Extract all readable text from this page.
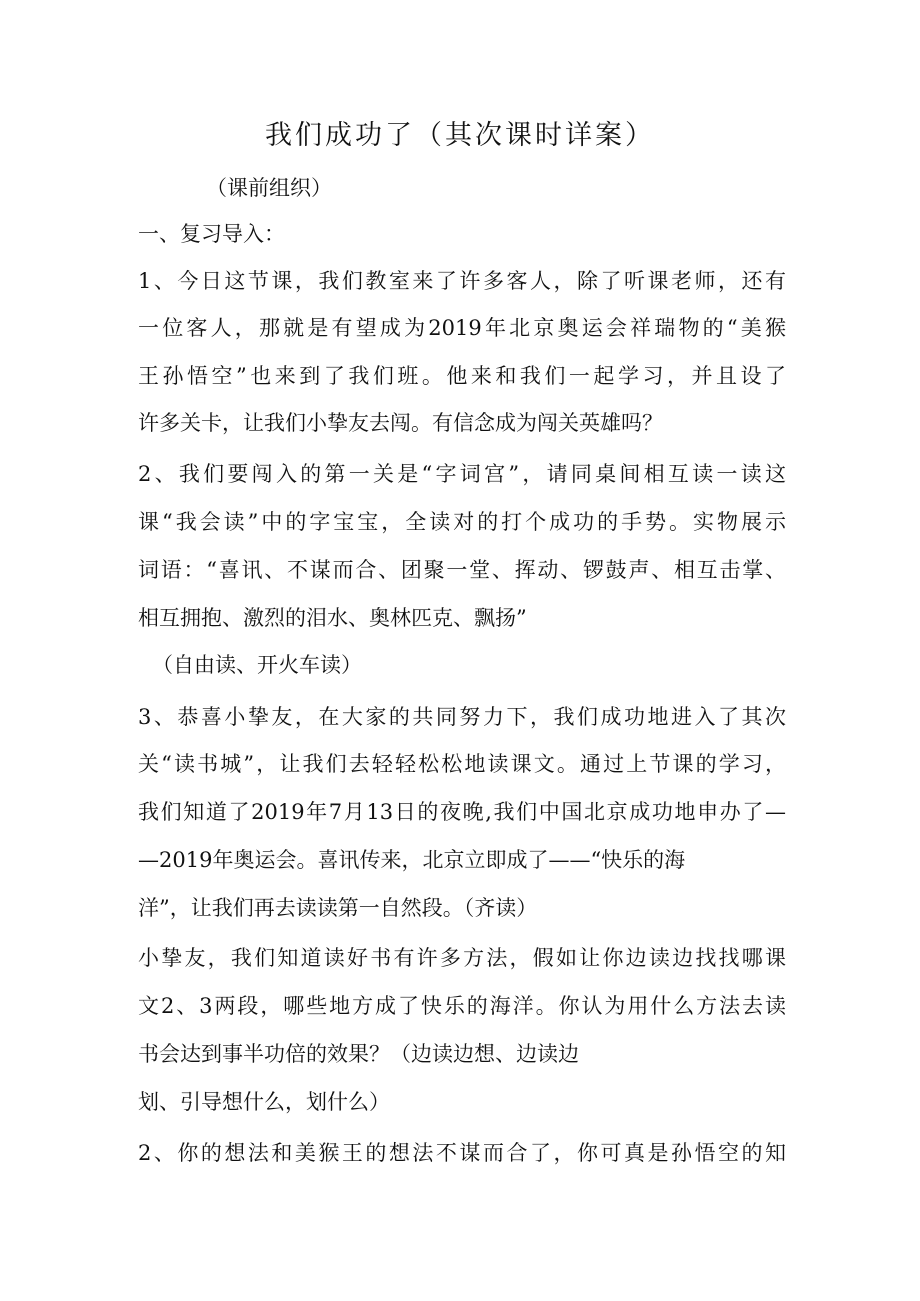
我们成功了（其次课时详案）
（课前组织）
一、复习导入：
1、今日这节课，我们教室来了许多客人，除了听课老师，还有
一位客人，那就是有望成为2019年北京奥运会祥瑞物的“美猴
王孙悟空”也来到了我们班。他来和我们一起学习，并且设了
许多关卡，让我们小挚友去闯。有信念成为闯关英雄吗？
2、我们要闯入的第一关是“字词宫”，请同桌间相互读一读这
课“我会读”中的字宝宝，全读对的打个成功的手势。实物展示
词语：“喜讯、不谋而合、团聚一堂、挥动、锣鼓声、相互击掌、
相互拥抱、激烈的泪水、奥林匹克、飘扬”
（自由读、开火车读）
3、恭喜小挚友，在大家的共同努力下，我们成功地进入了其次
关“读书城”，让我们去轻轻松松地读课文。通过上节课的学习，
我们知道了2019年7月13日的夜晚,我们中国北京成功地申办了—
—2019年奥运会。喜讯传来，北京立即成了——“快乐的海
洋”，让我们再去读读第一自然段。（齐读）
小挚友，我们知道读好书有许多方法，假如让你边读边找找哪课
文2、3两段，哪些地方成了快乐的海洋。你认为用什么方法去读
书会达到事半功倍的效果？（边读边想、边读边
划、引导想什么，划什么）
2、你的想法和美猴王的想法不谋而合了，你可真是孙悟空的知
